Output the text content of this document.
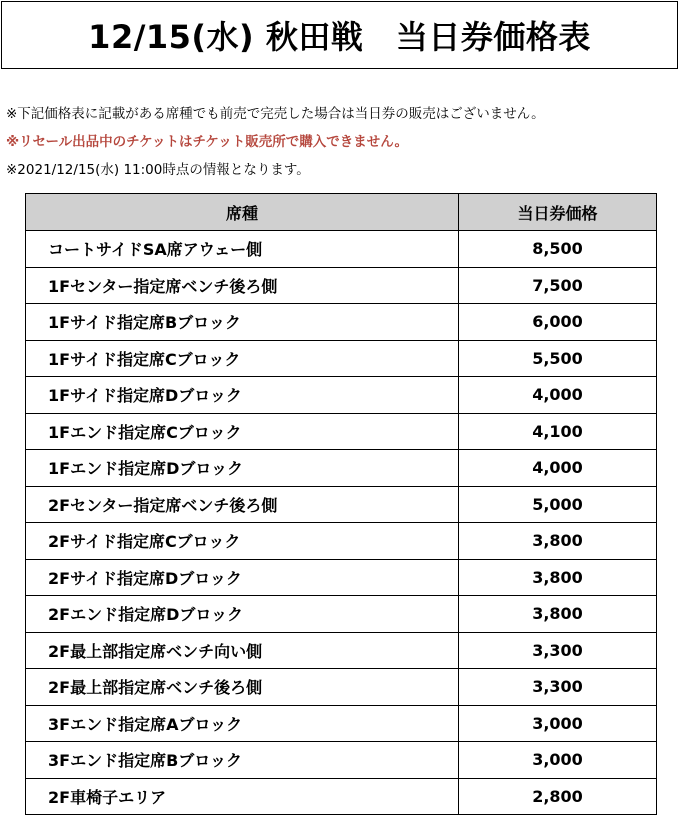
12/15(水) 秋田戦　当日券価格表
※下記価格表に記載がある席種でも前売で完売した場合は当日券の販売はございません。
※リセール出品中のチケットはチケット販売所で購入できません。
※2021/12/15(水) 11:00時点の情報となります。
席種	当日券価格
コートサイドSA席アウェー側	8,500
1Fセンター指定席ベンチ後ろ側	7,500
1Fサイド指定席Bブロック	6,000
1Fサイド指定席Cブロック	5,500
1Fサイド指定席Dブロック	4,000
1Fエンド指定席Cブロック	4,100
1Fエンド指定席Dブロック	4,000
2Fセンター指定席ベンチ後ろ側	5,000
2Fサイド指定席Cブロック	3,800
2Fサイド指定席Dブロック	3,800
2Fエンド指定席Dブロック	3,800
2F最上部指定席ベンチ向い側	3,300
2F最上部指定席ベンチ後ろ側	3,300
3Fエンド指定席Aブロック	3,000
3Fエンド指定席Bブロック	3,000
2F車椅子エリア	2,800
